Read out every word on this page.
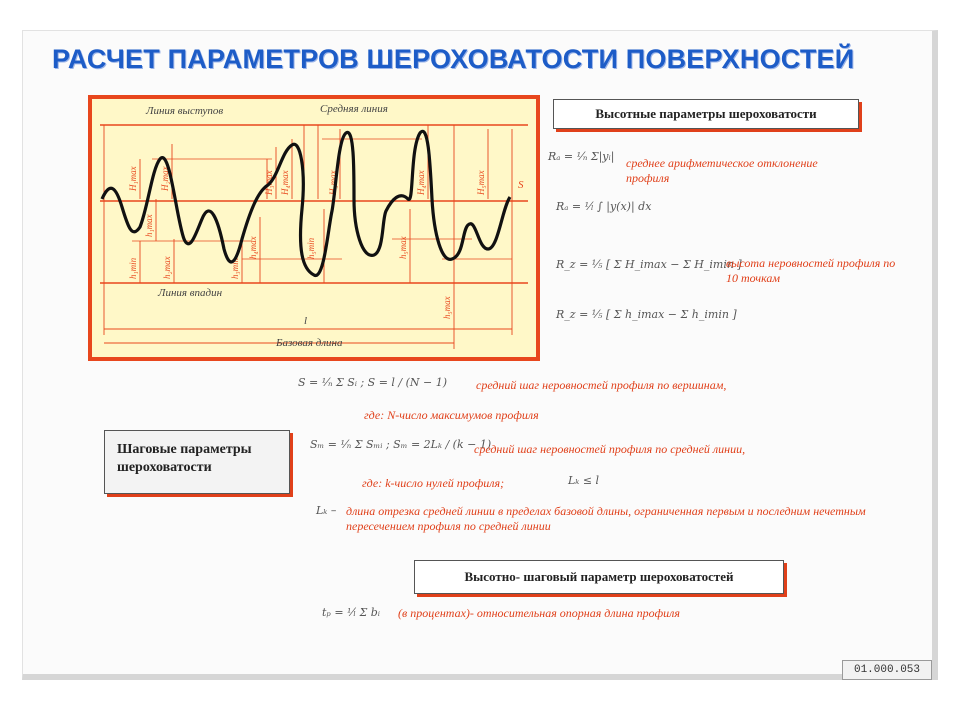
РАСЧЕТ ПАРАМЕТРОВ ШЕРОХОВАТОСТИ ПОВЕРХНОСТЕЙ
H₁max H₂max
h₁min
h₁max
h₂max	h₃min
h₄max
H₃max H₄max
h₅min
H₅max
h₅max
H₄max
h₅max
H₅max
Линия выступов	Средняя линия
Линия впадин
l
Базовая длина
S
Высотные параметры шероховатости
Rₐ = ¹⁄ₙ Σ|yᵢ| среднее арифметическое отклонение профиля
Rₐ = ¹⁄ₗ ∫ |y(x)| dx
R_z = ⅕ [ Σ H_imax − Σ H_imin ]
высота неровностей профиля по 10 точкам
R_z = ⅕ [ Σ h_imax − Σ h_imin ]
S = ¹⁄ₙ Σ Sᵢ ; S = l / (N − 1) средний шаг неровностей профиля по вершинам,
где: N-число максимумов профиля
Шаговые параметры шероховатости
Sₘ = ¹⁄ₙ Σ Sₘᵢ ; Sₘ = 2Lₖ / (k − 1)
средний шаг неровностей профиля по средней линии,
где: k-число нулей профиля;	Lₖ ≤ l
Lₖ – длина отрезка средней линии в пределах базовой длины, ограниченная первым и последним нечетным пересечением профиля по средней линии
Высотно- шаговый параметр шероховатостей
tₚ = ¹⁄ₗ Σ bᵢ (в процентах)- относительная опорная длина профиля
01.000.053
